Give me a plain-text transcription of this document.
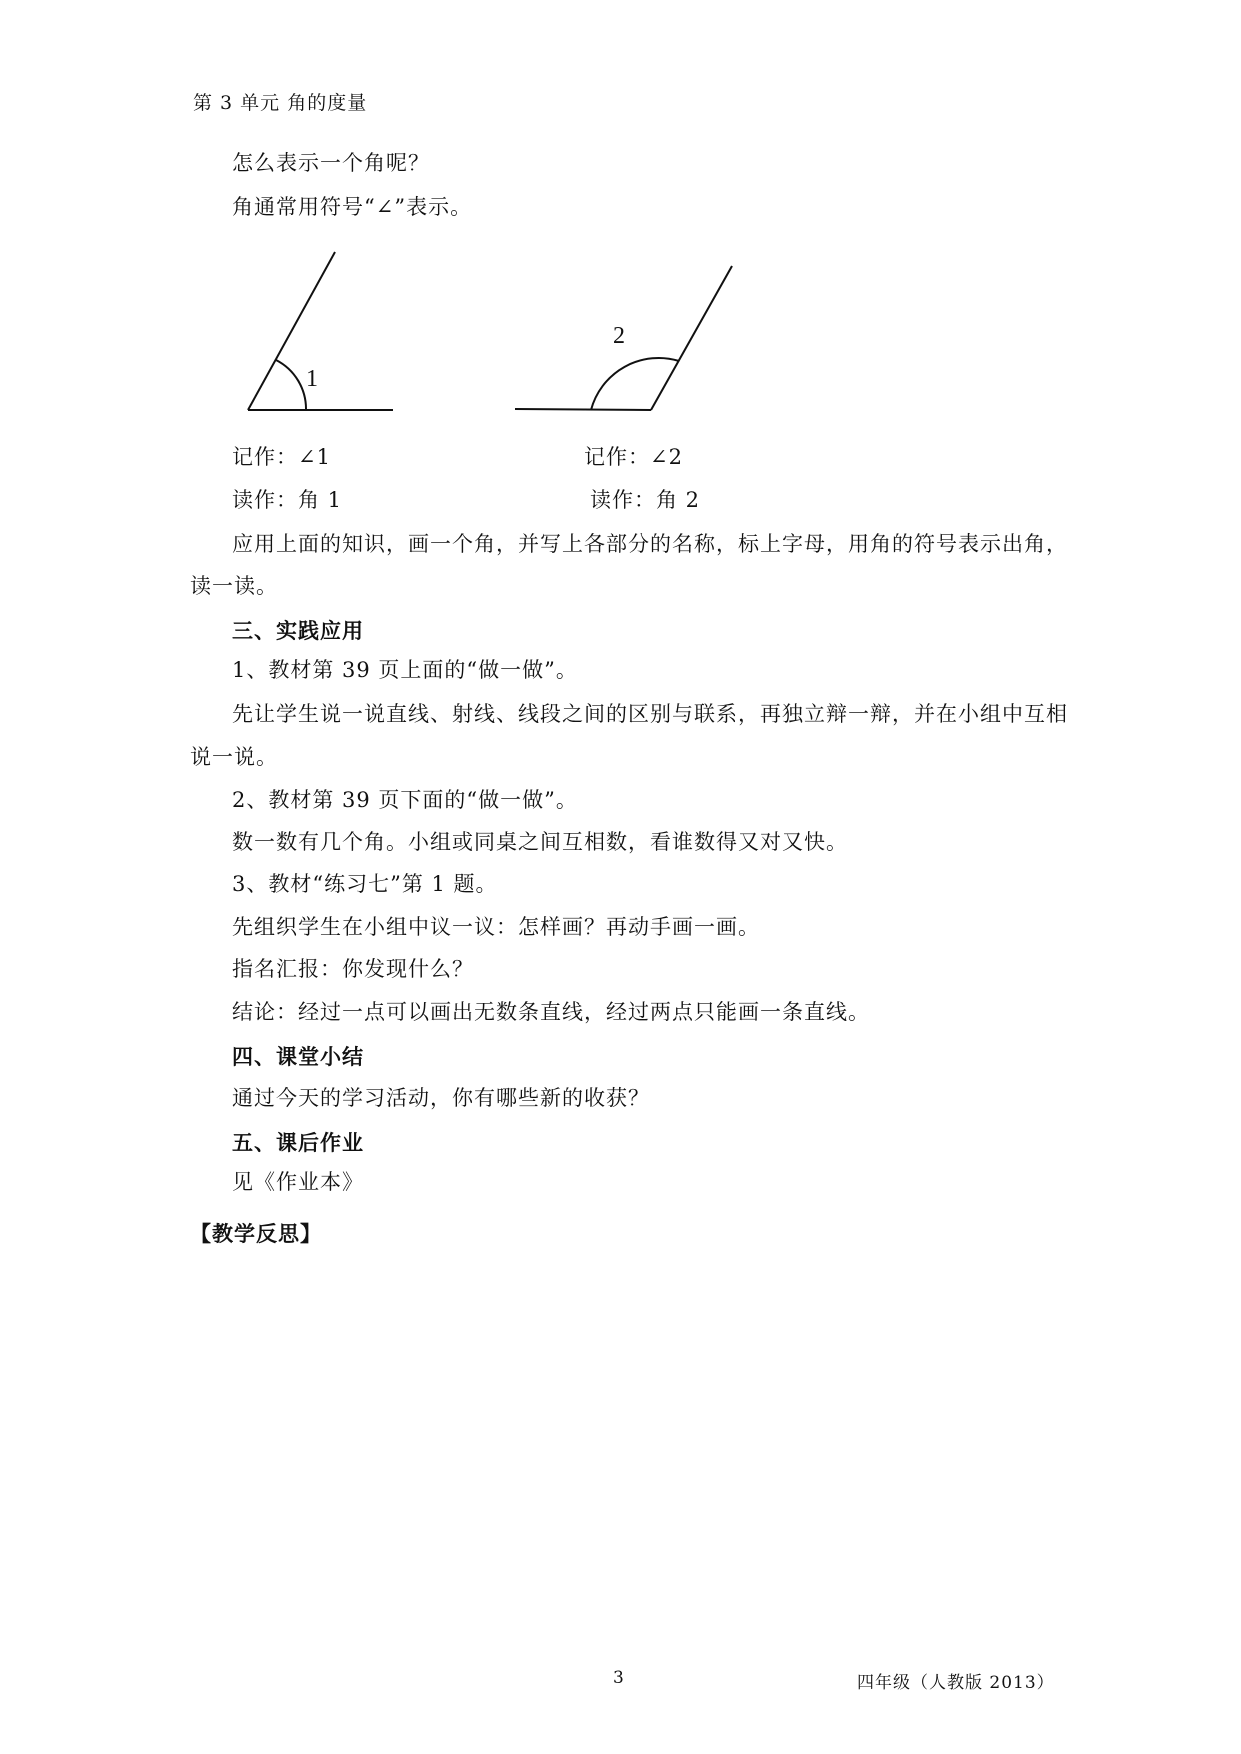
第 3 单元 角的度量
怎么表示一个角呢？
角通常用符号“∠”表示。
1
2
记作：∠1	记作：∠2
读作：角 1	读作：角 2
应用上面的知识，画一个角，并写上各部分的名称，标上字母，用角的符号表示出角，
读一读。
三、实践应用
1、教材第 39 页上面的“做一做”。
先让学生说一说直线、射线、线段之间的区别与联系，再独立辩一辩，并在小组中互相
说一说。
2、教材第 39 页下面的“做一做”。
数一数有几个角。小组或同桌之间互相数，看谁数得又对又快。
3、教材“练习七”第 1 题。
先组织学生在小组中议一议：怎样画？再动手画一画。
指名汇报：你发现什么？
结论：经过一点可以画出无数条直线，经过两点只能画一条直线。
四、课堂小结
通过今天的学习活动，你有哪些新的收获？
五、课后作业
见《作业本》
【教学反思】
3	四年级（人教版 2013）
